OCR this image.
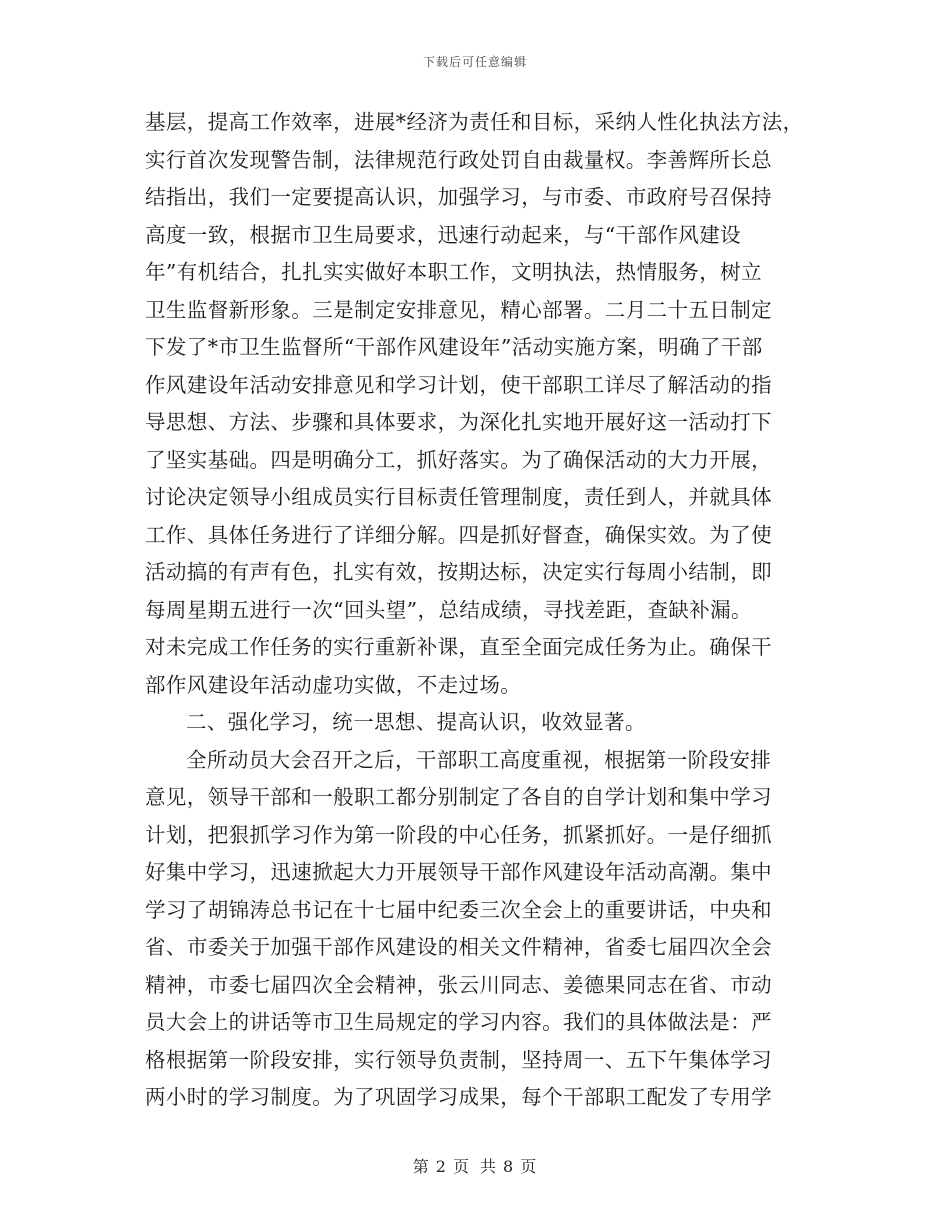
下载后可任意编辑
基层，提高工作效率，进展*经济为责任和目标，采纳人性化执法方法，
实行首次发现警告制，法律规范行政处罚自由裁量权。李善辉所长总
结指出，我们一定要提高认识，加强学习，与市委、市政府号召保持
高度一致，根据市卫生局要求，迅速行动起来，与“干部作风建设
年”有机结合，扎扎实实做好本职工作，文明执法，热情服务，树立
卫生监督新形象。三是制定安排意见，精心部署。二月二十五日制定
下发了*市卫生监督所“干部作风建设年”活动实施方案，明确了干部
作风建设年活动安排意见和学习计划，使干部职工详尽了解活动的指
导思想、方法、步骤和具体要求，为深化扎实地开展好这一活动打下
了坚实基础。四是明确分工，抓好落实。为了确保活动的大力开展，
讨论决定领导小组成员实行目标责任管理制度，责任到人，并就具体
工作、具体任务进行了详细分解。四是抓好督查，确保实效。为了使
活动搞的有声有色，扎实有效，按期达标，决定实行每周小结制，即
每周星期五进行一次“回头望”，总结成绩，寻找差距，查缺补漏。
对未完成工作任务的实行重新补课，直至全面完成任务为止。确保干
部作风建设年活动虚功实做，不走过场。
二、强化学习，统一思想、提高认识，收效显著。
全所动员大会召开之后，干部职工高度重视，根据第一阶段安排
意见，领导干部和一般职工都分别制定了各自的自学计划和集中学习
计划，把狠抓学习作为第一阶段的中心任务，抓紧抓好。一是仔细抓
好集中学习，迅速掀起大力开展领导干部作风建设年活动高潮。集中
学习了胡锦涛总书记在十七届中纪委三次全会上的重要讲话，中央和
省、市委关于加强干部作风建设的相关文件精神，省委七届四次全会
精神，市委七届四次全会精神，张云川同志、姜德果同志在省、市动
员大会上的讲话等市卫生局规定的学习内容。我们的具体做法是：严
格根据第一阶段安排，实行领导负责制，坚持周一、五下午集体学习
两小时的学习制度。为了巩固学习成果，每个干部职工配发了专用学
第 2 页 共 8 页
